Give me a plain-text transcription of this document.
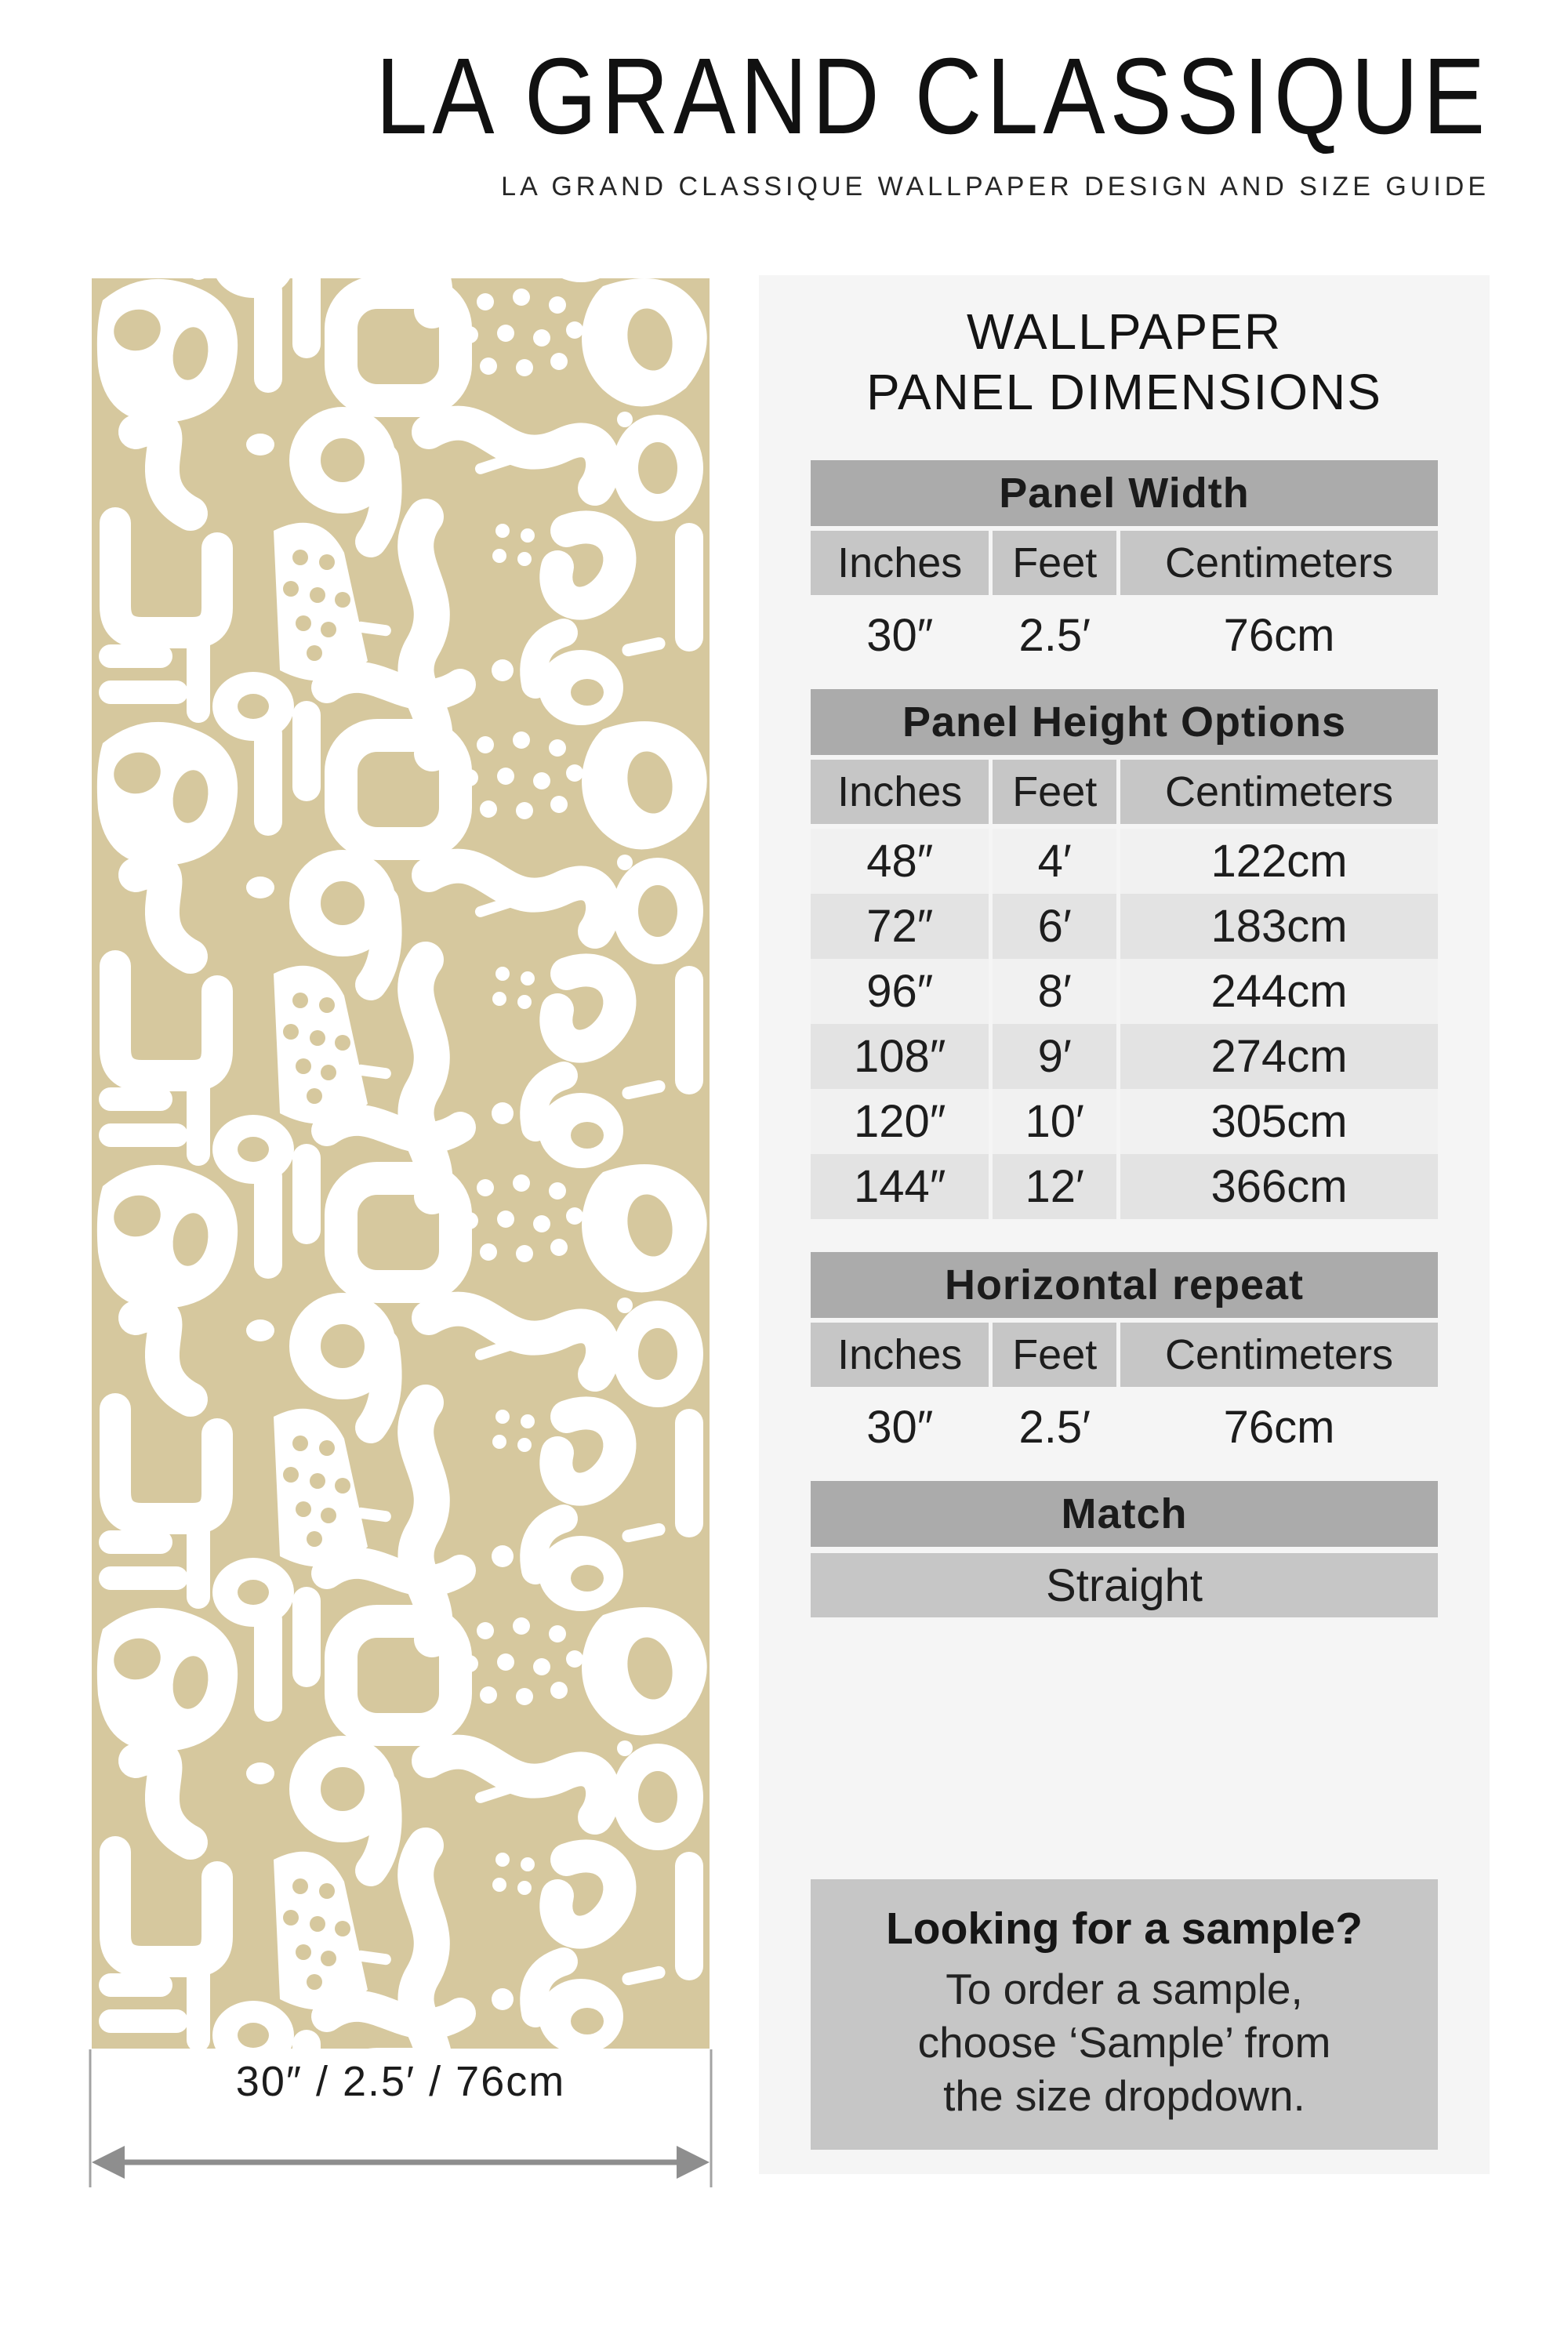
LA GRAND CLASSIQUE
LA GRAND CLASSIQUE WALLPAPER DESIGN AND SIZE GUIDE
30″ / 2.5′ / 76cm
WALLPAPER
PANEL DIMENSIONS
Panel Width
Inches	Feet	Centimeters
30″	2.5′	76cm
Panel Height Options
Inches	Feet	Centimeters
48″	4′	122cm
72″	6′	183cm
96″	8′	244cm
108″	9′	274cm
120″	10′	305cm
144″	12′	366cm
Horizontal repeat
Inches	Feet	Centimeters
30″	2.5′	76cm
Match
Straight
Looking for a sample?
To order a sample,
choose ‘Sample’ from
the size dropdown.
